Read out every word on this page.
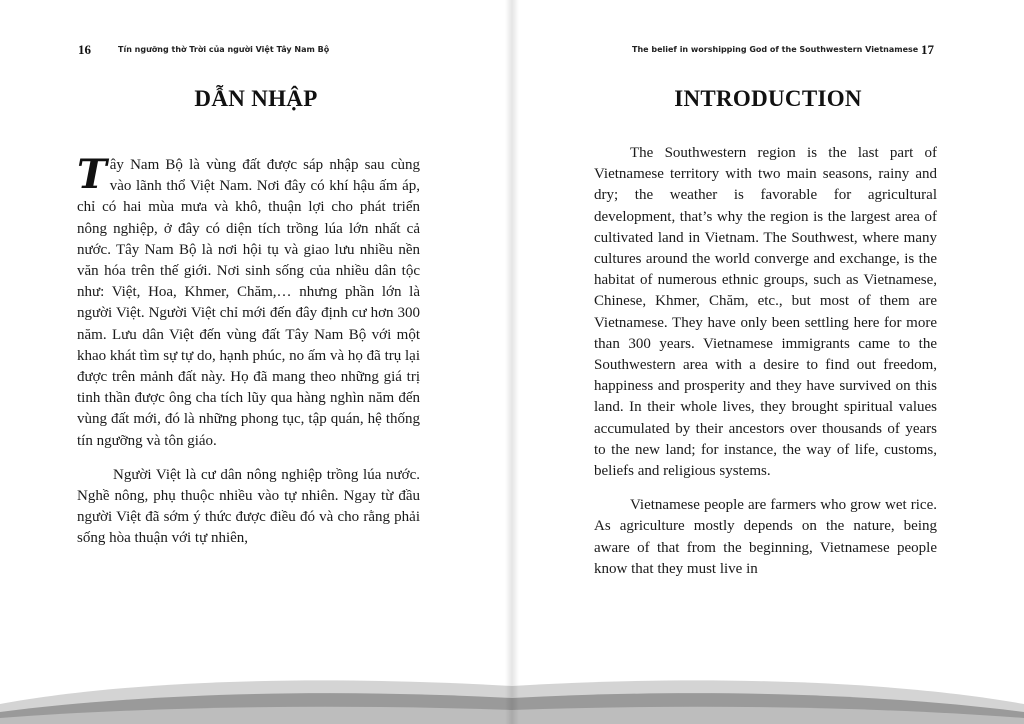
16	Tín ngưỡng thờ Trời của người Việt Tây Nam Bộ
DẪN NHẬP

Tây Nam Bộ là vùng đất được sáp nhập sau cùng vào lãnh thổ Việt Nam. Nơi đây có khí hậu ấm áp, chỉ có hai mùa mưa và khô, thuận lợi cho phát triển nông nghiệp, ở đây có diện tích trồng lúa lớn nhất cả nước. Tây Nam Bộ là nơi hội tụ và giao lưu nhiều nền văn hóa trên thế giới. Nơi sinh sống của nhiều dân tộc như: Việt, Hoa, Khmer, Chăm,… nhưng phần lớn là người Việt. Người Việt chỉ mới đến đây định cư hơn 300 năm. Lưu dân Việt đến vùng đất Tây Nam Bộ với một khao khát tìm sự tự do, hạnh phúc, no ấm và họ đã trụ lại được trên mảnh đất này. Họ đã mang theo những giá trị tinh thần được ông cha tích lũy qua hàng nghìn năm đến vùng đất mới, đó là những phong tục, tập quán, hệ thống tín ngưỡng và tôn giáo.

Người Việt là cư dân nông nghiệp trồng lúa nước. Nghề nông, phụ thuộc nhiều vào tự nhiên. Ngay từ đầu người Việt đã sớm ý thức được điều đó và cho rằng phải sống hòa thuận với tự nhiên,

The belief in worshipping God of the Southwestern Vietnamese 17
INTRODUCTION

The Southwestern region is the last part of Vietnamese territory with two main seasons, rainy and dry; the weather is favorable for agricultural development, that’s why the region is the largest area of cultivated land in Vietnam. The Southwest, where many cultures around the world converge and exchange, is the habitat of numerous ethnic groups, such as Vietnamese, Chinese, Khmer, Chăm, etc., but most of them are Vietnamese. They have only been settling here for more than 300 years. Vietnamese immigrants came to the Southwestern area with a desire to find out freedom, happiness and prosperity and they have survived on this land. In their whole lives, they brought spiritual values accumulated by their ancestors over thousands of years to the new land; for instance, the way of life, customs, beliefs and religious systems.

Vietnamese people are farmers who grow wet rice. As agriculture mostly depends on the nature, being aware of that from the beginning, Vietnamese people know that they must live in
